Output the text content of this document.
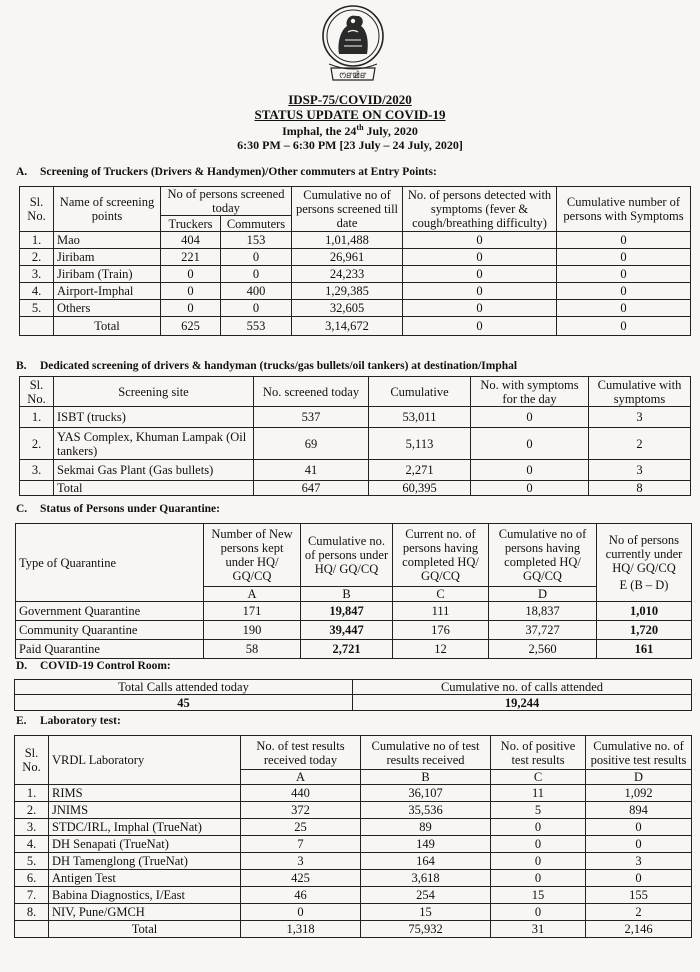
ꯁꯔꯀꯥꯔ
IDSP-75/COVID/2020
STATUS UPDATE ON COVID-19
Imphal, the 24th July, 2020
6:30 PM – 6:30 PM [23 July – 24 July, 2020]
A. Screening of Truckers (Drivers & Handymen)/Other commuters at Entry Points:
Sl. No.	Name of screening points	No of persons screened today		Cumulative no of persons screened till date	No. of persons detected with symptoms (fever & cough/breathing difficulty)	Cumulative number of persons with Symptoms
		Truckers	Commuters			
1.	Mao	404	153	1,01,488	0	0
2.	Jiribam	221	0	26,961	0	0
3.	Jiribam (Train)	0	0	24,233	0	0
4.	Airport-Imphal	0	400	1,29,385	0	0
5.	Others	0	0	32,605	0	0
	Total	625	553	3,14,672	0	0
B. Dedicated screening of drivers & handyman (trucks/gas bullets/oil tankers) at destination/Imphal
Sl. No.	Screening site	No. screened today	Cumulative	No. with symptoms for the day	Cumulative with symptoms
1.	ISBT (trucks)	537	53,011	0	3
2.	YAS Complex, Khuman Lampak (Oil tankers)	69	5,113	0	2
3.	Sekmai Gas Plant (Gas bullets)	41	2,271	0	3
	Total	647	60,395	0	8
C. Status of Persons under Quarantine:
Type of Quarantine	Number of New persons kept under HQ/ GQ/CQ	Cumulative no. of persons under HQ/ GQ/CQ	Current no. of persons having completed HQ/ GQ/CQ	Cumulative no of persons having completed HQ/ GQ/CQ	No of persons currently under HQ/ GQ/CQ
E (B – D)

	A	B	C	D	
Government Quarantine	171	19,847	111	18,837	1,010
Community Quarantine	190	39,447	176	37,727	1,720
Paid Quarantine	58	2,721	12	2,560	161
D. COVID-19 Control Room:
Total Calls attended today	Cumulative no. of calls attended
45	19,244
E. Laboratory test:
Sl. No.	VRDL Laboratory	No. of test results received today	Cumulative no of test results received	No. of positive test results	Cumulative no. of positive test results
		A	B	C	D
1.	RIMS	440	36,107	11	1,092
2.	JNIMS	372	35,536	5	894
3.	STDC/IRL, Imphal (TrueNat)	25	89	0	0
4.	DH Senapati (TrueNat)	7	149	0	0
5.	DH Tamenglong (TrueNat)	3	164	0	3
6.	Antigen Test	425	3,618	0	0
7.	Babina Diagnostics, I/East	46	254	15	155
8.	NIV, Pune/GMCH	0	15	0	2
	Total	1,318	75,932	31	2,146
